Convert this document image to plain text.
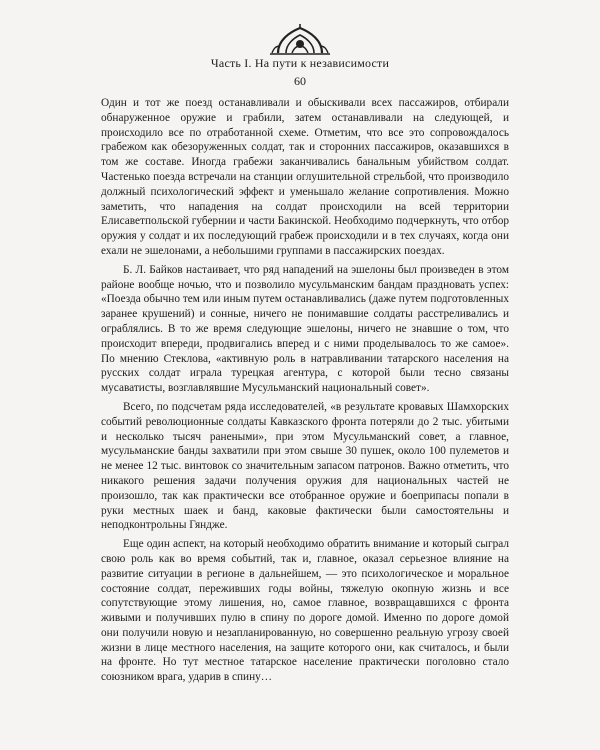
Часть I. На пути к независимости
60

Один и тот же поезд останавливали и обыскивали всех пассажиров, отбирали обнаруженное оружие и грабили, затем останавливали на следующей, и происходило все по отработанной схеме. Отметим, что все это сопровождалось грабежом как обезоруженных солдат, так и сторонних пассажиров, оказавшихся в том же составе. Иногда грабежи заканчивались банальным убийством солдат. Частенько поезда встречали на станции оглушительной стрельбой, что производило должный психологический эффект и уменьшало желание сопротивления. Можно заметить, что нападения на солдат происходили на всей территории Елисаветпольской губернии и части Бакинской. Необходимо подчеркнуть, что отбор оружия у солдат и их последующий грабеж происходили и в тех случаях, когда они ехали не эшелонами, а небольшими группами в пассажирских поездах.

Б. Л. Байков настаивает, что ряд нападений на эшелоны был произведен в этом районе вообще ночью, что и позволило мусульманским бандам праздновать успех: «Поезда обычно тем или иным путем останавливались (даже путем подготовленных заранее крушений) и сонные, ничего не понимавшие солдаты расстреливались и ограблялись. В то же время следующие эшелоны, ничего не знавшие о том, что происходит впереди, продвигались вперед и с ними проделывалось то же самое». По мнению Стеклова, «активную роль в натравливании татарского населения на русских солдат играла турецкая агентура, с которой были тесно связаны мусаватисты, возглавлявшие Мусульманский национальный совет».

Всего, по подсчетам ряда исследователей, «в результате кровавых Шамхорских событий революционные солдаты Кавказского фронта потеряли до 2 тыс. убитыми и несколько тысяч ранеными», при этом Мусульманский совет, а главное, мусульманские банды захватили при этом свыше 30 пушек, около 100 пулеметов и не менее 12 тыс. винтовок со значительным запасом патронов. Важно отметить, что никакого решения задачи получения оружия для национальных частей не произошло, так как практически все отобранное оружие и боеприпасы попали в руки местных шаек и банд, каковые фактически были самостоятельны и неподконтрольны Гяндже.

Еще один аспект, на который необходимо обратить внимание и который сыграл свою роль как во время событий, так и, главное, оказал серьезное влияние на развитие ситуации в регионе в дальнейшем, — это психологическое и моральное состояние солдат, переживших годы войны, тяжелую окопную жизнь и все сопутствующие этому лишения, но, самое главное, возвращавшихся с фронта живыми и получивших пулю в спину по дороге домой. Именно по дороге домой они получили новую и незапланированную, но совершенно реальную угрозу своей жизни в лице местного населения, на защите которого они, как считалось, и были на фронте. Но тут местное татарское население практически поголовно стало союзником врага, ударив в спину…
